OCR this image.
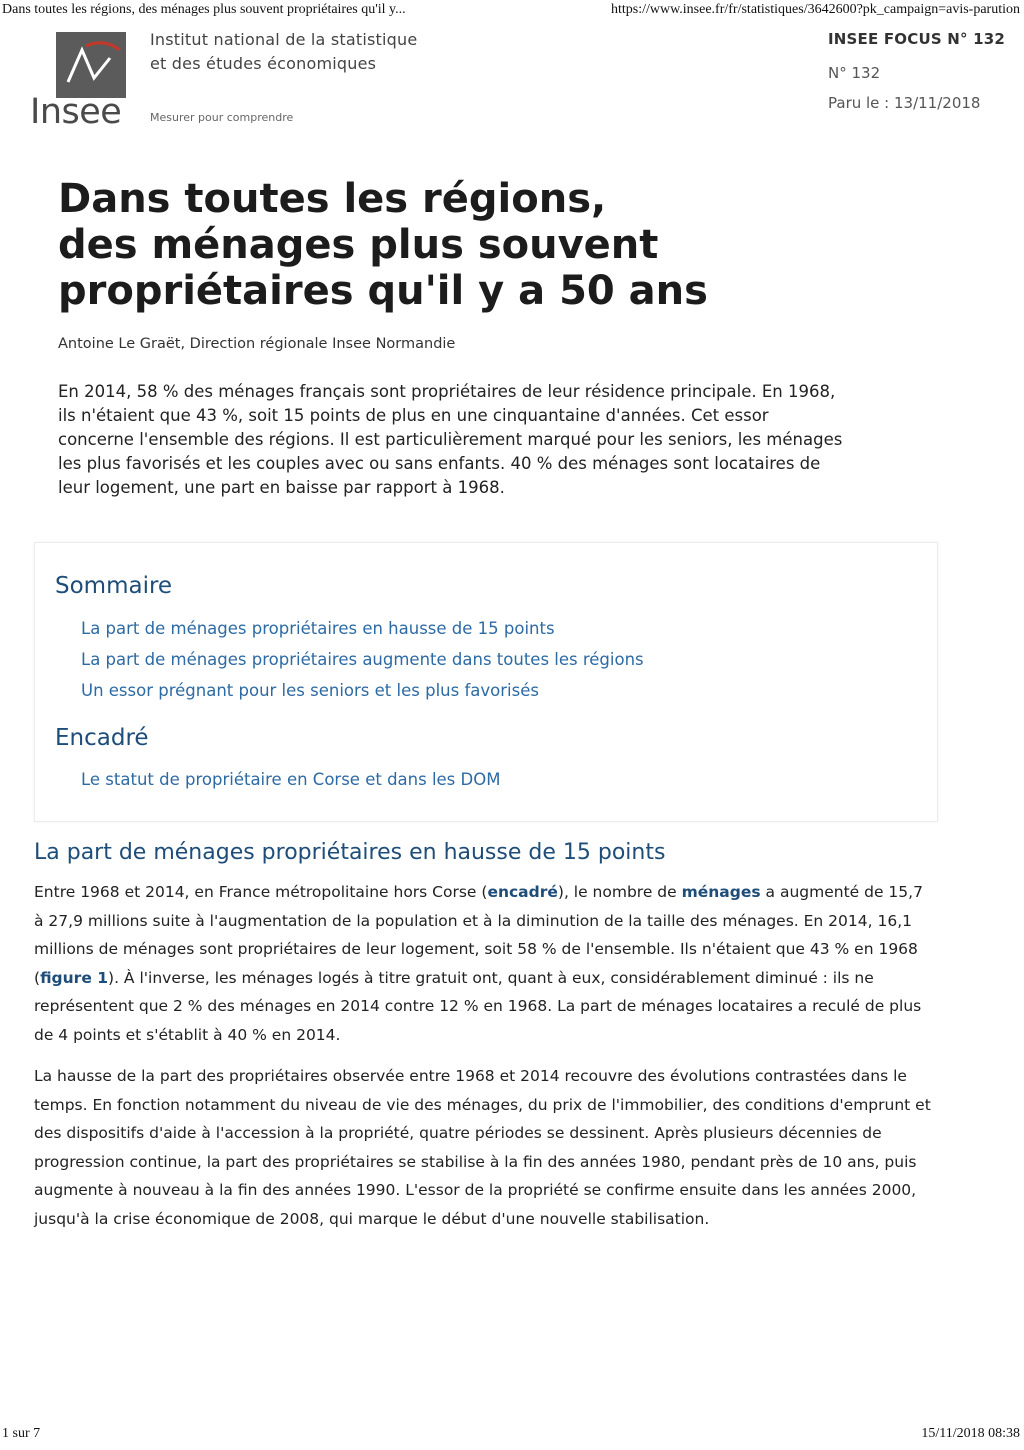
Dans toutes les régions, des ménages plus souvent propriétaires qu'il y...	https://www.insee.fr/fr/statistiques/3642600?pk_campaign=avis-parution
Insee
Institut national de la statistique
et des études économiques
Mesurer pour comprendre
INSEE FOCUS N° 132
N° 132
Paru le : 13/11/2018
Dans toutes les régions,
des ménages plus souvent
propriétaires qu'il y a 50 ans
Antoine Le Graët, Direction régionale Insee Normandie

En 2014, 58 % des ménages français sont propriétaires de leur résidence principale. En 1968, ils n'étaient que 43 %, soit 15 points de plus en une cinquantaine d'années. Cet essor concerne l'ensemble des régions. Il est particulièrement marqué pour les seniors, les ménages les plus favorisés et les couples avec ou sans enfants. 40 % des ménages sont locataires de leur logement, une part en baisse par rapport à 1968.

Sommaire
La part de ménages propriétaires en hausse de 15 points
La part de ménages propriétaires augmente dans toutes les régions
Un essor prégnant pour les seniors et les plus favorisés
Encadré
Le statut de propriétaire en Corse et dans les DOM
La part de ménages propriétaires en hausse de 15 points

Entre 1968 et 2014, en France métropolitaine hors Corse (encadré), le nombre de ménages a augmenté de 15,7 à 27,9 millions suite à l'augmentation de la population et à la diminution de la taille des ménages. En 2014, 16,1 millions de ménages sont propriétaires de leur logement, soit 58 % de l'ensemble. Ils n'étaient que 43 % en 1968 (figure 1). À l'inverse, les ménages logés à titre gratuit ont, quant à eux, considérablement diminué : ils ne représentent que 2 % des ménages en 2014 contre 12 % en 1968. La part de ménages locataires a reculé de plus de 4 points et s'établit à 40 % en 2014.

La hausse de la part des propriétaires observée entre 1968 et 2014 recouvre des évolutions contrastées dans le temps. En fonction notamment du niveau de vie des ménages, du prix de l'immobilier, des conditions d'emprunt et des dispositifs d'aide à l'accession à la propriété, quatre périodes se dessinent. Après plusieurs décennies de progression continue, la part des propriétaires se stabilise à la fin des années 1980, pendant près de 10 ans, puis augmente à nouveau à la fin des années 1990. L'essor de la propriété se confirme ensuite dans les années 2000, jusqu'à la crise économique de 2008, qui marque le début d'une nouvelle stabilisation.

1 sur 7	15/11/2018 08:38
